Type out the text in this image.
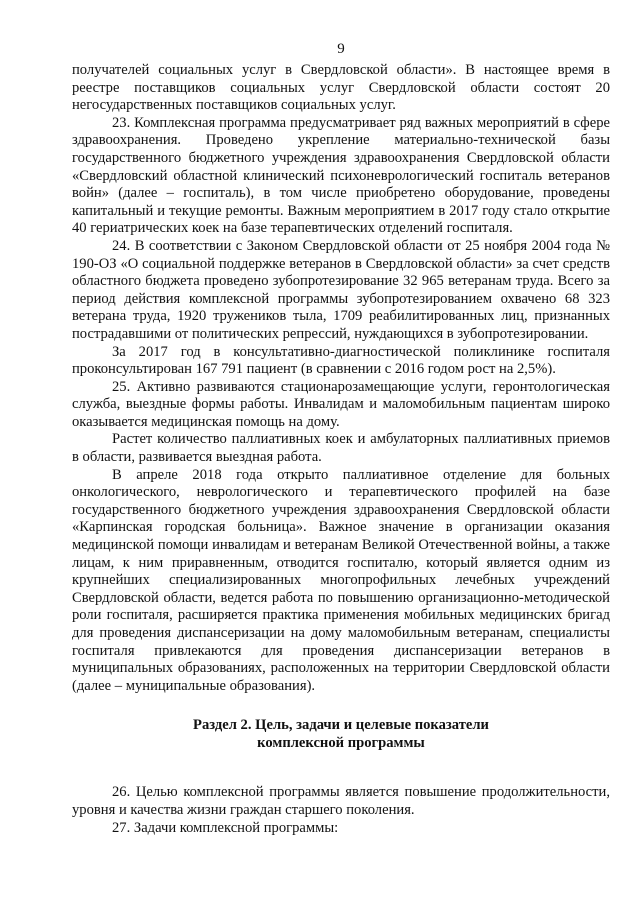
9

получателей социальных услуг в Свердловской области». В настоящее время в реестре поставщиков социальных услуг Свердловской области состоят 20 негосударственных поставщиков социальных услуг.

23. Комплексная программа предусматривает ряд важных мероприятий в сфере здравоохранения. Проведено укрепление материально-технической базы государственного бюджетного учреждения здравоохранения Свердловской области «Свердловский областной клинический психоневрологический госпиталь ветеранов войн» (далее – госпиталь), в том числе приобретено оборудование, проведены капитальный и текущие ремонты. Важным мероприятием в 2017 году стало открытие 40 гериатрических коек на базе терапевтических отделений госпиталя.

24. В соответствии с Законом Свердловской области от 25 ноября 2004 года № 190-ОЗ «О социальной поддержке ветеранов в Свердловской области» за счет средств областного бюджета проведено зубопротезирование 32 965 ветеранам труда. Всего за период действия комплексной программы зубопротезированием охвачено 68 323 ветерана труда, 1920 тружеников тыла, 1709 реабилитированных лиц, признанных пострадавшими от политических репрессий, нуждающихся в зубопротезировании.

За 2017 год в консультативно-диагностической поликлинике госпиталя проконсультирован 167 791 пациент (в сравнении с 2016 годом рост на 2,5%).

25. Активно развиваются стационарозамещающие услуги, геронтологическая служба, выездные формы работы. Инвалидам и маломобильным пациентам широко оказывается медицинская помощь на дому.

Растет количество паллиативных коек и амбулаторных паллиативных приемов в области, развивается выездная работа.

В апреле 2018 года открыто паллиативное отделение для больных онкологического, неврологического и терапевтического профилей на базе государственного бюджетного учреждения здравоохранения Свердловской области «Карпинская городская больница». Важное значение в организации оказания медицинской помощи инвалидам и ветеранам Великой Отечественной войны, а также лицам, к ним приравненным, отводится госпиталю, который является одним из крупнейших специализированных многопрофильных лечебных учреждений Свердловской области, ведется работа по повышению организационно-методической роли госпиталя, расширяется практика применения мобильных медицинских бригад для проведения диспансеризации на дому маломобильным ветеранам, специалисты госпиталя привлекаются для проведения диспансеризации ветеранов в муниципальных образованиях, расположенных на территории Свердловской области (далее – муниципальные образования).

Раздел 2. Цель, задачи и целевые показатели
комплексной программы

26. Целью комплексной программы является повышение продолжительности, уровня и качества жизни граждан старшего поколения.

27. Задачи комплексной программы:
